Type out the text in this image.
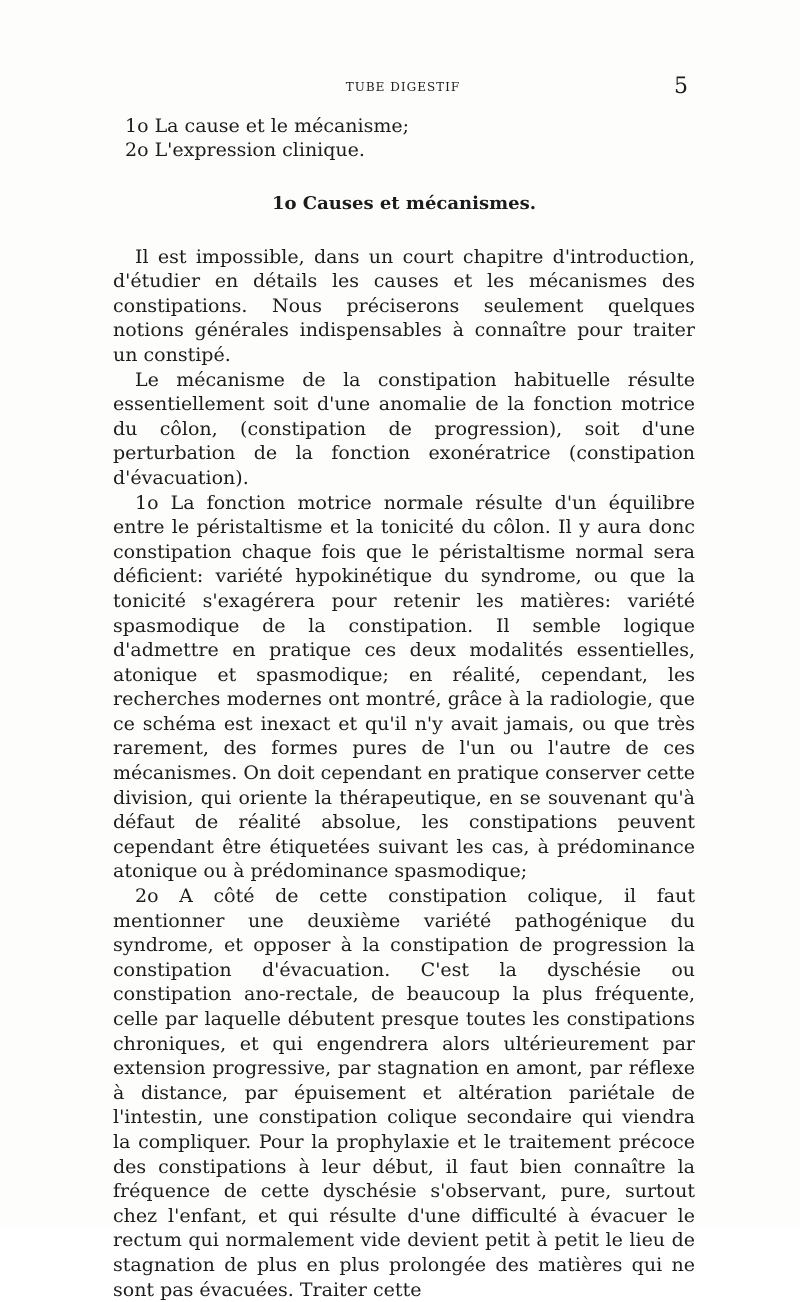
TUBE DIGESTIF	5
1o La cause et le mécanisme;
2o L'expression clinique.
1o Causes et mécanismes.

Il est impossible, dans un court chapitre d'introduction, d'étudier en détails les causes et les mécanismes des constipations. Nous préciserons seulement quelques notions générales indispensables à connaître pour traiter un constipé.

Le mécanisme de la constipation habituelle résulte essentiellement soit d'une anomalie de la fonction motrice du côlon, (constipation de progression), soit d'une perturbation de la fonction exonératrice (constipation d'évacuation).

1o La fonction motrice normale résulte d'un équilibre entre le péristaltisme et la tonicité du côlon. Il y aura donc constipation chaque fois que le péristaltisme normal sera déficient: variété hypokinétique du syndrome, ou que la tonicité s'exagérera pour retenir les matières: variété spasmodique de la constipation. Il semble logique d'admettre en pratique ces deux modalités essentielles, atonique et spasmodique; en réalité, cependant, les recherches modernes ont montré, grâce à la radiologie, que ce schéma est inexact et qu'il n'y avait jamais, ou que très rarement, des formes pures de l'un ou l'autre de ces mécanismes. On doit cependant en pratique conserver cette division, qui oriente la thérapeutique, en se souvenant qu'à défaut de réalité absolue, les constipations peuvent cependant être étiquetées suivant les cas, à prédominance atonique ou à prédominance spasmodique;

2o A côté de cette constipation colique, il faut mentionner une deuxième variété pathogénique du syndrome, et opposer à la constipation de progression la constipation d'évacuation. C'est la dyschésie ou constipation ano-rectale, de beaucoup la plus fréquente, celle par laquelle débutent presque toutes les constipations chroniques, et qui engendrera alors ultérieurement par extension progressive, par stagnation en amont, par réflexe à distance, par épuisement et altération pariétale de l'intestin, une constipation colique secondaire qui viendra la compliquer. Pour la prophylaxie et le traitement précoce des constipations à leur début, il faut bien connaître la fréquence de cette dyschésie s'observant, pure, surtout chez l'enfant, et qui résulte d'une difficulté à évacuer le rectum qui normalement vide devient petit à petit le lieu de stagnation de plus en plus prolongée des matières qui ne sont pas évacuées. Traiter cette
